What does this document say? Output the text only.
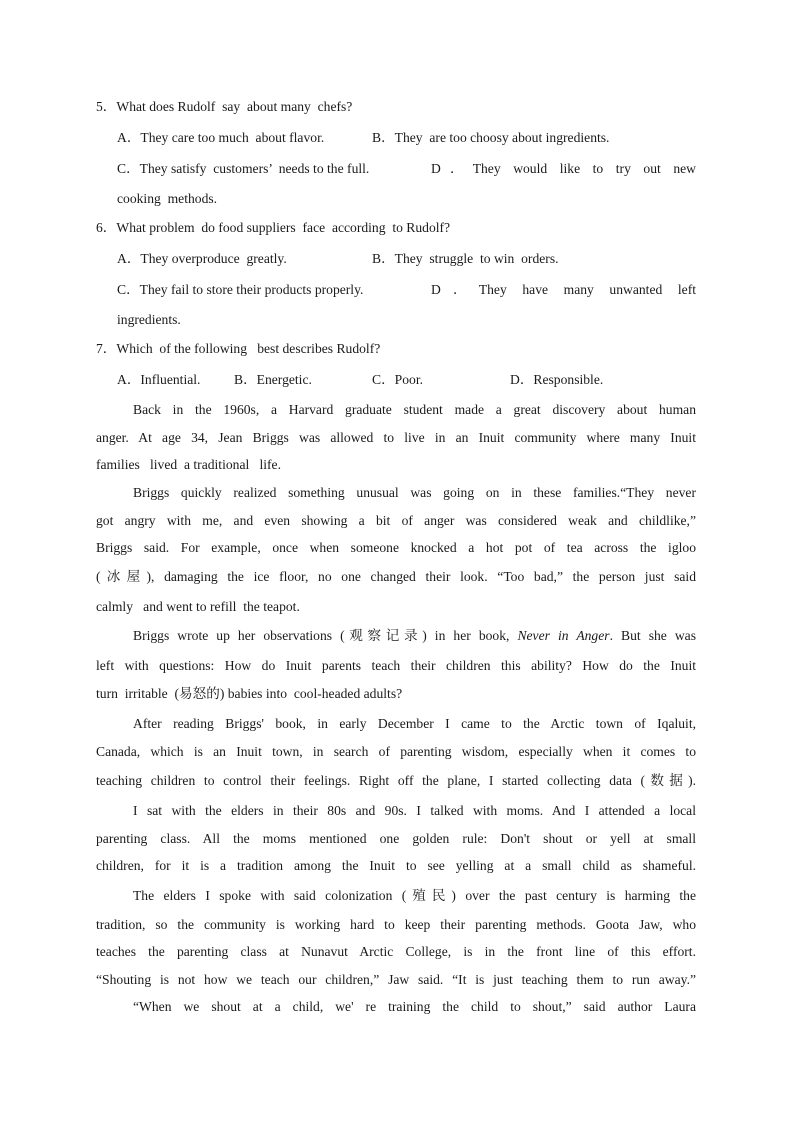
5．What does Rudolf  say  about many  chefs?
A．They care too much  about flavor.	B．They  are too choosy about ingredients.
C．They satisfy  customers’  needs to the full.	D．They would like to try out new
cooking  methods.
6．What problem  do food suppliers  face  according  to Rudolf?
A．They overproduce  greatly.	B．They  struggle  to win  orders.
C．They fail to store their products properly.	D．They have many unwanted left
ingredients.
7．Which  of the following   best describes Rudolf?
A．Influential. B．Energetic.	C．Poor.	D．Responsible.
Back in the 1960s, a Harvard graduate student made a great discovery about human
anger. At age 34, Jean Briggs was allowed to live in an Inuit community where many Inuit
families   lived  a traditional   life.
Briggs quickly realized something unusual was going on in these families.“They never
got angry with me, and even showing a bit of anger was considered weak and childlike,”
Briggs said. For example, once when someone knocked a hot pot of tea across the igloo
(冰屋), damaging the ice floor, no one changed their look. “Too bad,” the person just said
calmly   and went to refill  the teapot.
Briggs wrote up her observations (观察记录) in her book, Never in Anger. But she was
left with questions: How do Inuit parents teach their children this ability? How do the Inuit
turn  irritable  (易怒的) babies into  cool-headed adults?
After reading Briggs' book, in early December I came to the Arctic town of Iqaluit,
Canada, which is an Inuit town, in search of parenting wisdom, especially when it comes to
teaching children to control their feelings. Right off the plane, I started collecting data (数据).
I sat with the elders in their 80s and 90s. I talked with moms. And I attended a local
parenting class. All the moms mentioned one golden rule: Don't shout or yell at small
children, for it is a tradition among the Inuit to see yelling at a small child as shameful.
The elders I spoke with said colonization (殖民) over the past century is harming the
tradition, so the community is working hard to keep their parenting methods. Goota Jaw, who
teaches the parenting class at Nunavut Arctic College, is in the front line of this effort.
“Shouting is not how we teach our children,” Jaw said. “It is just teaching them to run away.”
“When we shout at a child, we' re training the child to shout,” said author Laura
